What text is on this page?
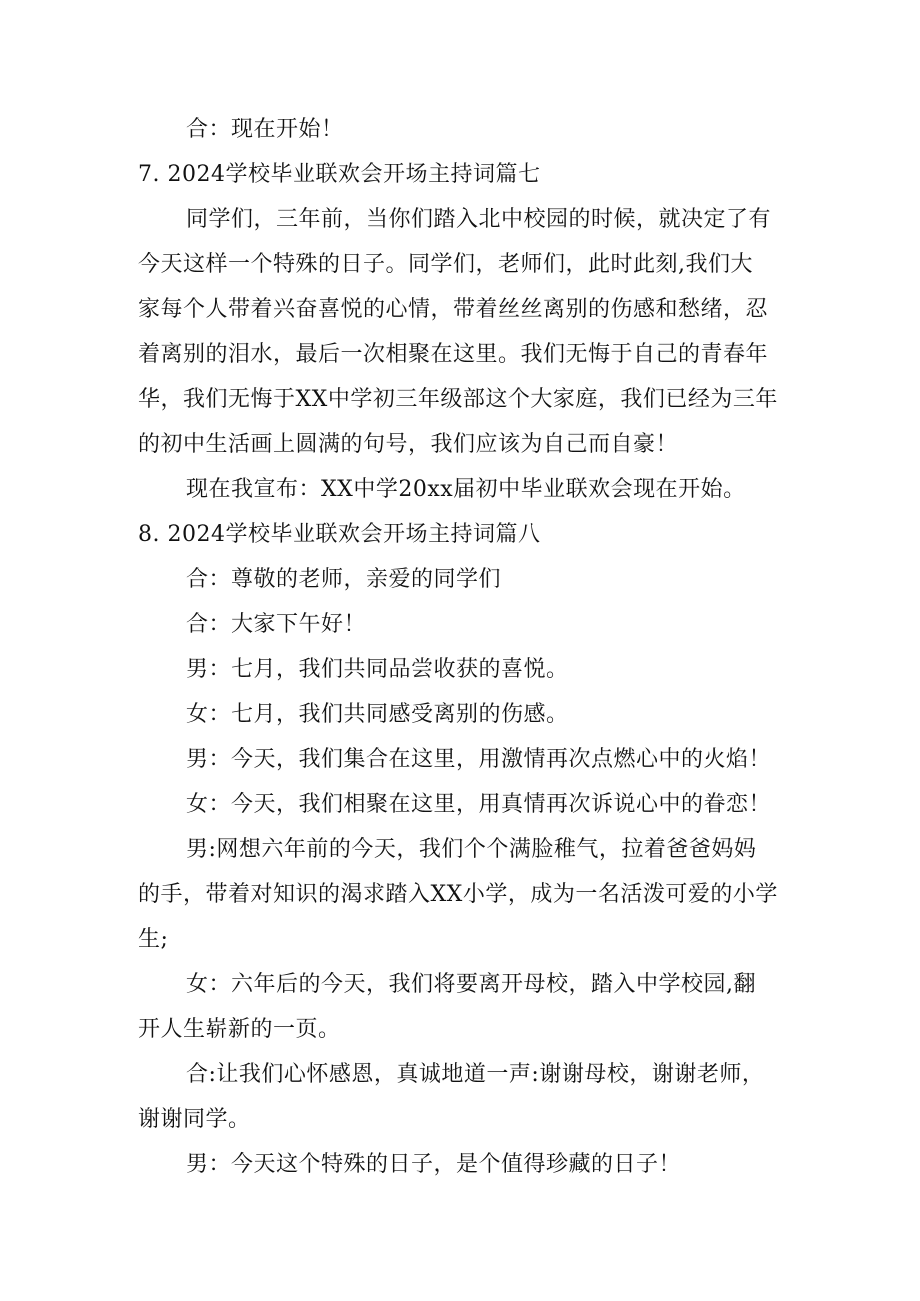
合：现在开始！
7. 2024学校毕业联欢会开场主持词篇七
同学们，三年前，当你们踏入北中校园的时候，就决定了有
今天这样一个特殊的日子。同学们，老师们，此时此刻,我们大
家每个人带着兴奋喜悦的心情，带着丝丝离别的伤感和愁绪，忍
着离别的泪水，最后一次相聚在这里。我们无悔于自己的青春年
华，我们无悔于XX中学初三年级部这个大家庭，我们已经为三年
的初中生活画上圆满的句号，我们应该为自己而自豪！
现在我宣布：XX中学20xx届初中毕业联欢会现在开始。
8. 2024学校毕业联欢会开场主持词篇八
合：尊敬的老师，亲爱的同学们
合：大家下午好！
男：七月，我们共同品尝收获的喜悦。
女：七月，我们共同感受离别的伤感。
男：今天，我们集合在这里，用激情再次点燃心中的火焰！
女：今天，我们相聚在这里，用真情再次诉说心中的眷恋！
男:网想六年前的今天，我们个个满脸稚气，拉着爸爸妈妈
的手，带着对知识的渴求踏入XX小学，成为一名活泼可爱的小学
生;
女：六年后的今天，我们将要离开母校，踏入中学校园,翻
开人生崭新的一页。
合:让我们心怀感恩，真诚地道一声:谢谢母校，谢谢老师，
谢谢同学。
男：今天这个特殊的日子，是个值得珍藏的日子！
